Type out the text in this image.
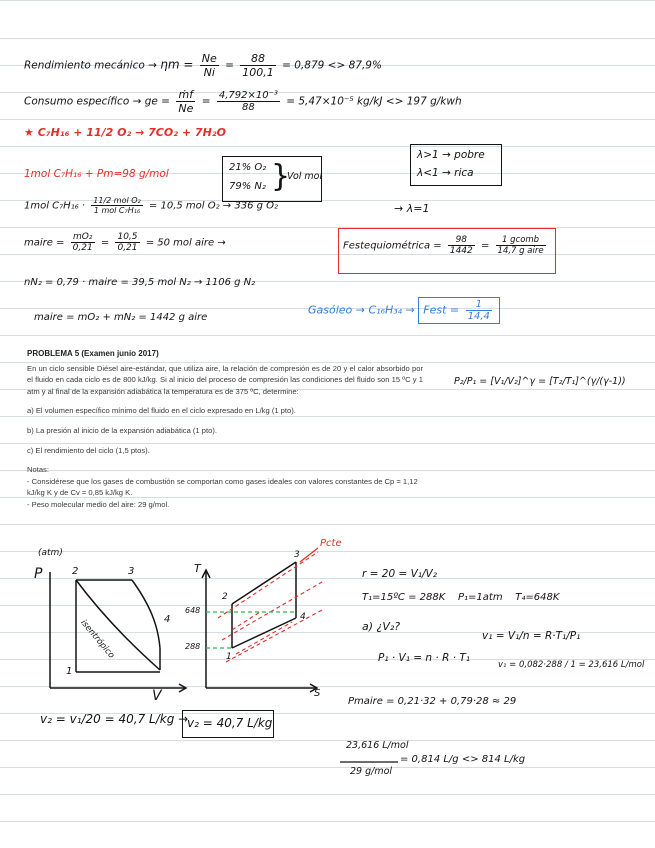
Rendimiento mecánico → $\eta m = \frac{Ne}{Ni} = \frac{88}{100,1} = 0,879 <> 87,9\%$
Consumo específico → ge = $\frac{\text{ṁf}}{Ne} = \frac{\text{4,792×10⁻³}}{88} = 5,47\times 10^{-5}$ kg/kJ <> 197 g/kwh
★ C₇H₁₆ + 11/2 O₂ → 7CO₂ + 7H₂O
1mol C₇H₁₆ + Pm=98 g/mol
21% O₂
79% N₂ }
Vol mol
λ>1 → pobre
λ<1 → rica
1mol $C_7H_{16} \cdot \frac{\text{11/2 mol O₂}}{\text{1 mol C₇H₁₆}} = 10,5$ mol O₂ → 336 g O₂	→ λ=1
maire = $\frac{\text{mO₂}}{0,21} = \frac{10,5}{0,21} = 50$ mol aire →	Festequiométrica = $\frac{98}{1442} = \frac{\text{1 gcomb}}{\text{14,7 g aire}}$
nN₂ = 0,79 · maire = 39,5 mol N₂ → 1106 g N₂
Gasóleo → C₁₆H₃₄ → Fest = $\frac{1}{14,4}$
maire = mO₂ + mN₂ = 1442 g aire

PROBLEMA 5 (Examen junio 2017)

En un ciclo sensible Diésel aire-estándar, que utiliza aire, la relación de compresión es de 20 y el calor absorbido por el fluido en cada ciclo es de 800 kJ/kg. Si al inicio del proceso de compresión las condiciones del fluido son 15 ºC y 1 atm y al final de la expansión adiabática la temperatura es de 375 ºC, determine:

a) El volumen específico mínimo del fluido en el ciclo expresado en L/kg (1 pto).

b) La presión al inicio de la expansión adiabática (1 pto).

c) El rendimiento del ciclo (1,5 ptos).

Notas:

- Considérese que los gases de combustión se comportan como gases ideales con valores constantes de Cp = 1,12 kJ/kg K y de Cv = 0,85 kJ/kg K.

- Peso molecular medio del aire: 29 g/mol.

P₂/P₁ = [V₁/V₂]^γ = [T₂/T₁]^(γ/(γ-1))
(atm)
P
V
1
2	3
4
isentrópico
T
S
1
2
3
4
648
288
Pcte
r = 20 = V₁/V₂
T₁=15ºC = 288K    P₁=1atm    T₄=648K
a) ¿V₂?
v₁ = V₁/n = R·T₁/P₁
P₁ · V₁ = n · R · T₁
v₁ = 0,082·288 / 1 = 23,616 L/mol
Pmaire = 0,21·32 + 0,79·28 ≈ 29
23,616 L/mol
29 g/mol
= 0,814 L/g <> 814 L/kg
v₂ = v₁/20 = 40,7 L/kg →
v₂ = 40,7 L/kg
